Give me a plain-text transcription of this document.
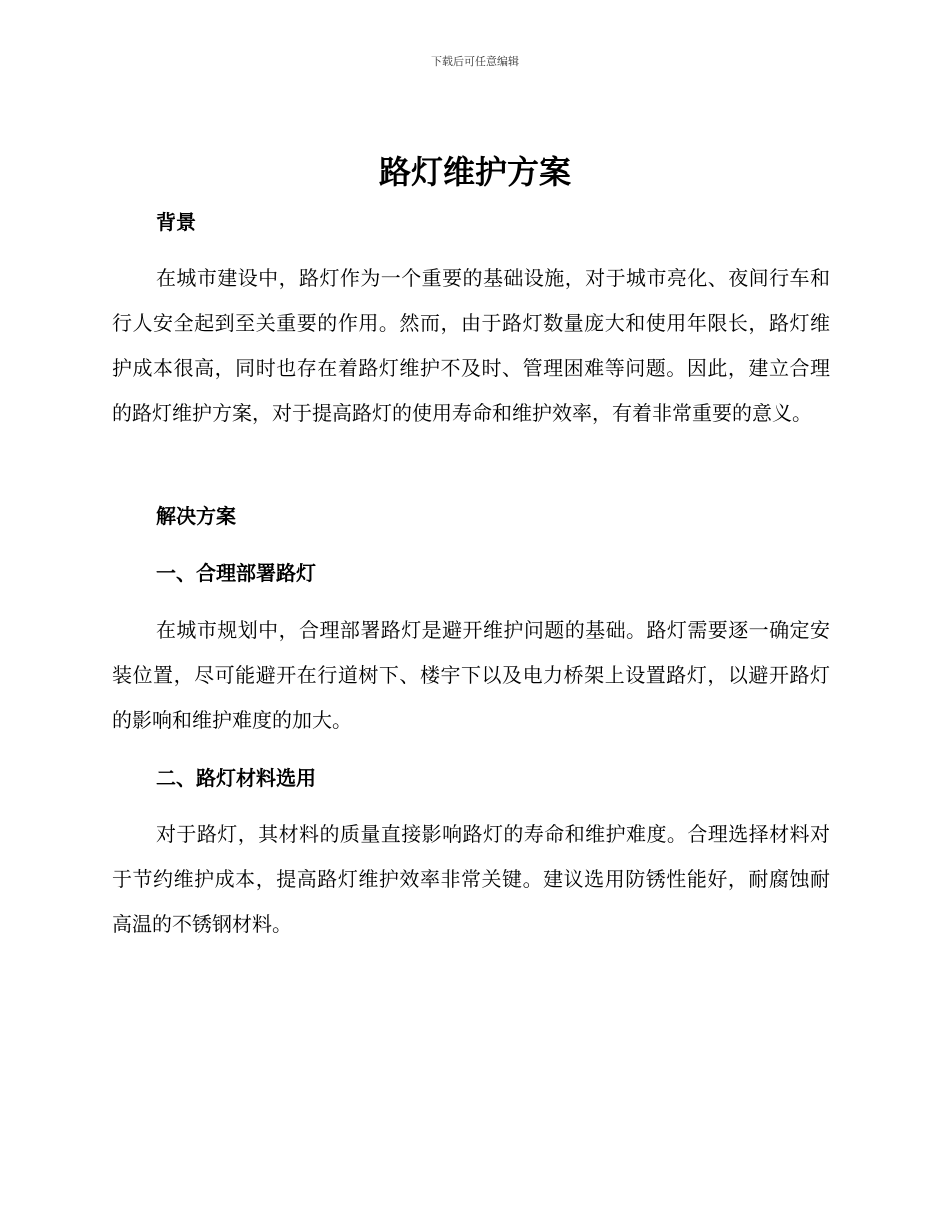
下载后可任意编辑
路灯维护方案
背景

在城市建设中，路灯作为一个重要的基础设施，对于城市亮化、夜间行车和行人安全起到至关重要的作用。然而，由于路灯数量庞大和使用年限长，路灯维护成本很高，同时也存在着路灯维护不及时、管理困难等问题。因此，建立合理的路灯维护方案，对于提高路灯的使用寿命和维护效率，有着非常重要的意义。

解决方案
一、合理部署路灯

在城市规划中，合理部署路灯是避开维护问题的基础。路灯需要逐一确定安装位置，尽可能避开在行道树下、楼宇下以及电力桥架上设置路灯，以避开路灯的影响和维护难度的加大。

二、路灯材料选用

对于路灯，其材料的质量直接影响路灯的寿命和维护难度。合理选择材料对于节约维护成本，提高路灯维护效率非常关键。建议选用防锈性能好，耐腐蚀耐高温的不锈钢材料。
